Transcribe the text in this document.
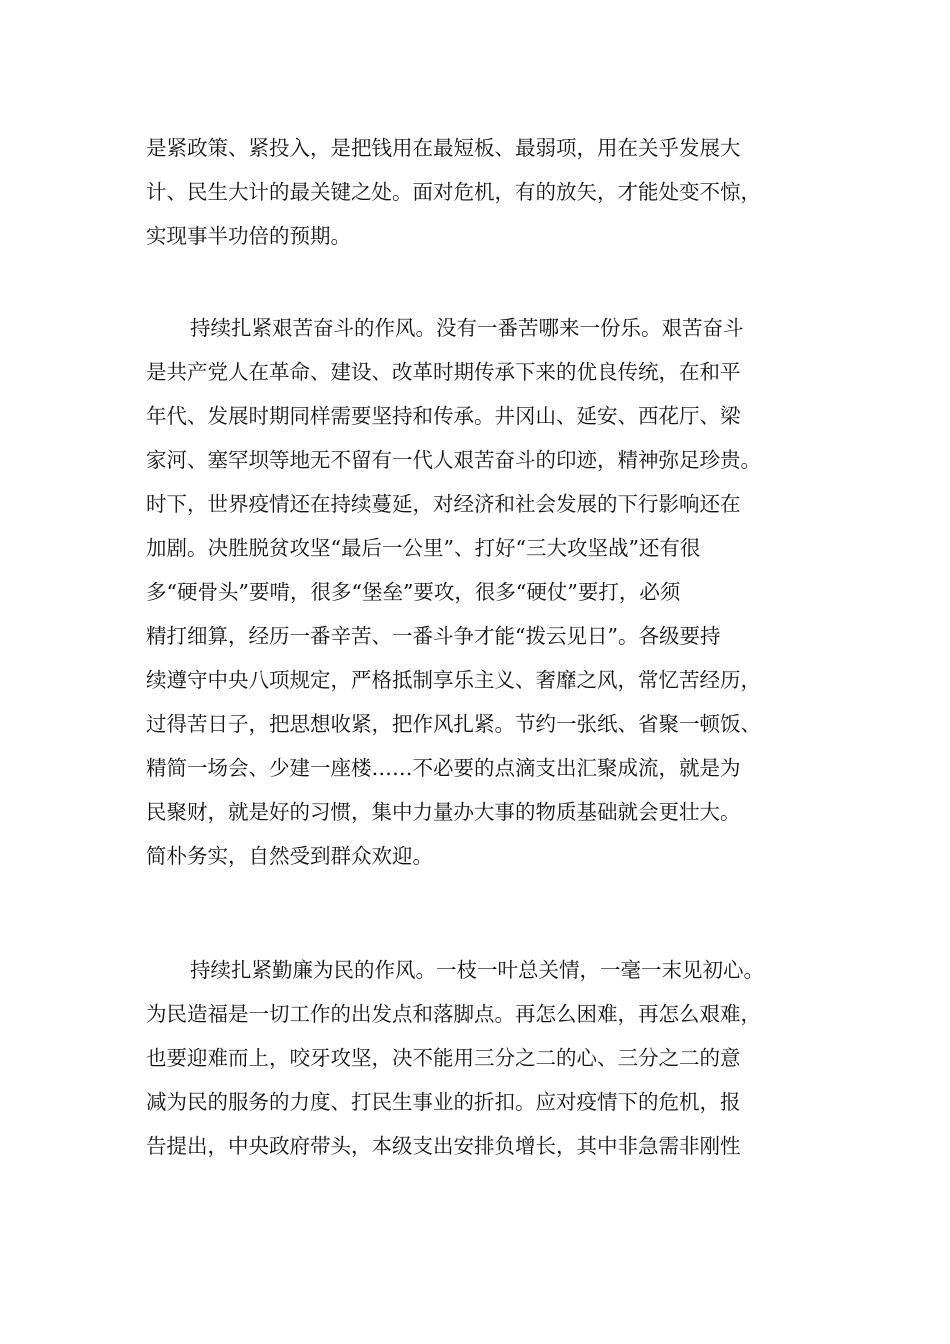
是紧政策、紧投入，是把钱用在最短板、最弱项，用在关乎发展大
计、民生大计的最关键之处。面对危机，有的放矢，才能处变不惊，
实现事半功倍的预期。
持续扎紧艰苦奋斗的作风。没有一番苦哪来一份乐。艰苦奋斗
是共产党人在革命、建设、改革时期传承下来的优良传统，在和平
年代、发展时期同样需要坚持和传承。井冈山、延安、西花厅、梁
家河、塞罕坝等地无不留有一代人艰苦奋斗的印迹，精神弥足珍贵。
时下，世界疫情还在持续蔓延，对经济和社会发展的下行影响还在
加剧。决胜脱贫攻坚“最后一公里”、打好“三大攻坚战”还有很
多“硬骨头”要啃，很多“堡垒”要攻，很多“硬仗”要打，必须
精打细算，经历一番辛苦、一番斗争才能“拨云见日”。各级要持
续遵守中央八项规定，严格抵制享乐主义、奢靡之风，常忆苦经历，
过得苦日子，把思想收紧，把作风扎紧。节约一张纸、省聚一顿饭、
精简一场会、少建一座楼……不必要的点滴支出汇聚成流，就是为
民聚财，就是好的习惯，集中力量办大事的物质基础就会更壮大。
简朴务实，自然受到群众欢迎。
持续扎紧勤廉为民的作风。一枝一叶总关情，一毫一末见初心。
为民造福是一切工作的出发点和落脚点。再怎么困难，再怎么艰难，
也要迎难而上，咬牙攻坚，决不能用三分之二的心、三分之二的意
减为民的服务的力度、打民生事业的折扣。应对疫情下的危机，报
告提出，中央政府带头，本级支出安排负增长，其中非急需非刚性
